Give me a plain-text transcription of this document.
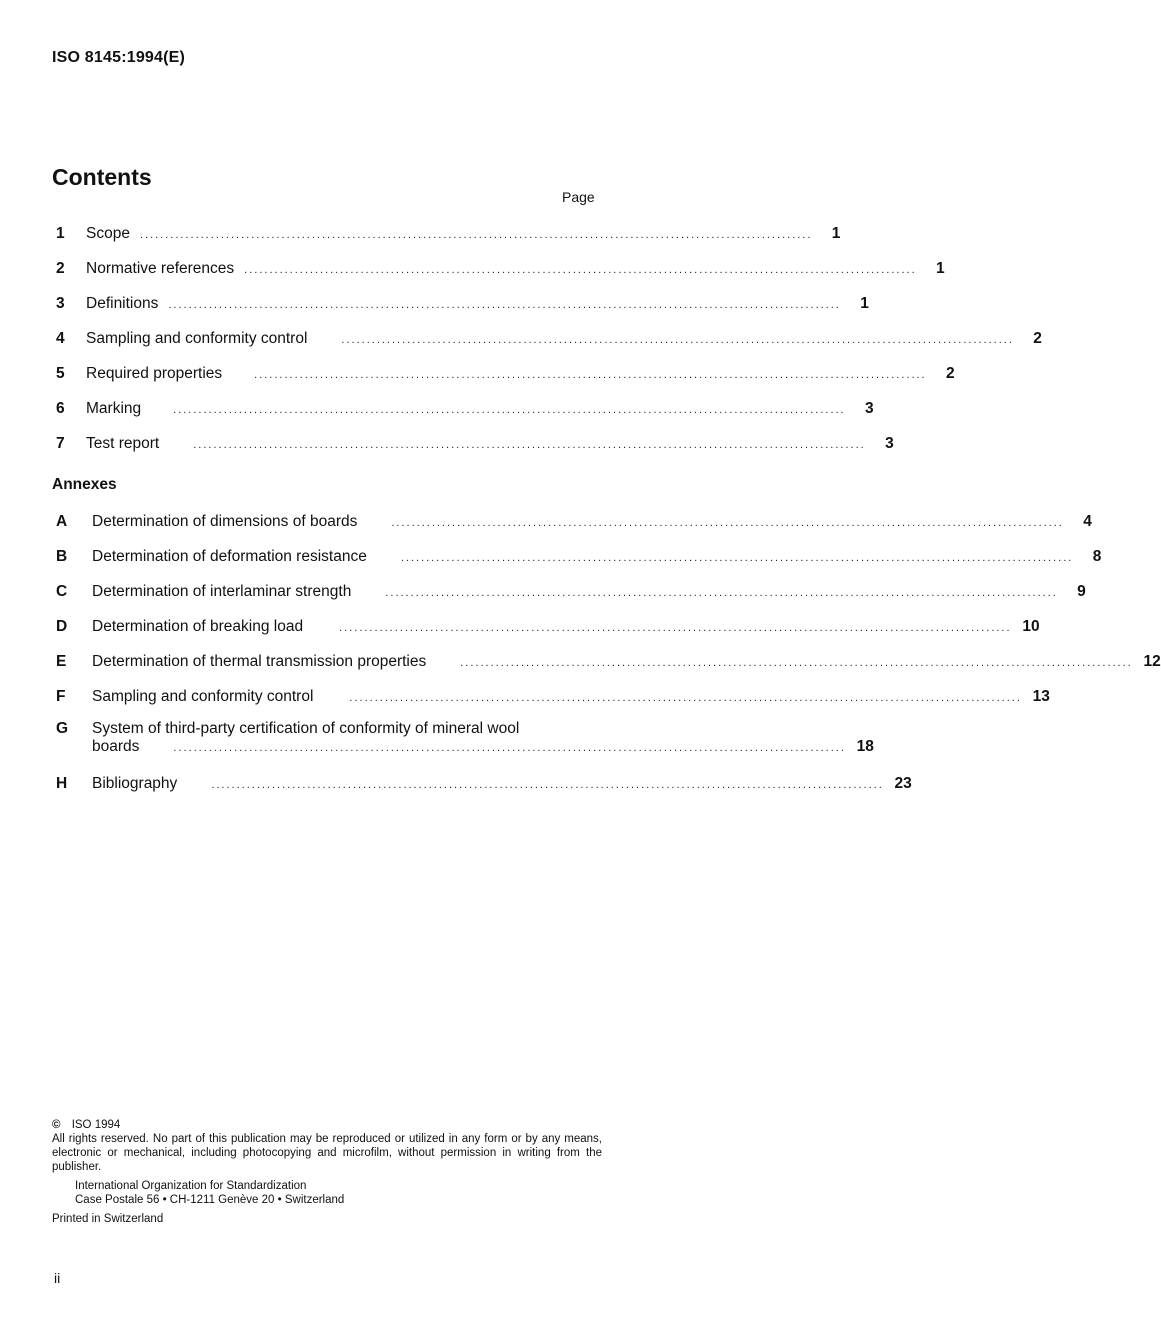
ISO 8145:1994(E)
Contents
Page
1	Scope .....................................................................................................................................	1
2	Normative references .....................................................................................................................................	1
3	Definitions .....................................................................................................................................	1
4	Sampling and conformity control	.....................................................................................................................................	2
5	Required properties	.....................................................................................................................................	2
6	Marking	.....................................................................................................................................	3
7	Test report	.....................................................................................................................................	3
Annexes
A	Determination of dimensions of boards	.....................................................................................................................................	4
B	Determination of deformation resistance	.....................................................................................................................................	8
C	Determination of interlaminar strength	.....................................................................................................................................	9
D	Determination of breaking load	..................................................................................................................................... 10
E	Determination of thermal transmission properties	..................................................................................................................................... 12
F	Sampling and conformity control	..................................................................................................................................... 13
G System of third-party certification of conformity of mineral wool
boards	..................................................................................................................................... 18
H	Bibliography	..................................................................................................................................... 23
© ISO 1994
All rights reserved. No part of this publication may be reproduced or utilized in any form or by any means, electronic or mechanical, including photocopying and microfilm, without permission in writing from the publisher.
International Organization for Standardization
Case Postale 56 • CH-1211 Genève 20 • Switzerland
Printed in Switzerland
ii
